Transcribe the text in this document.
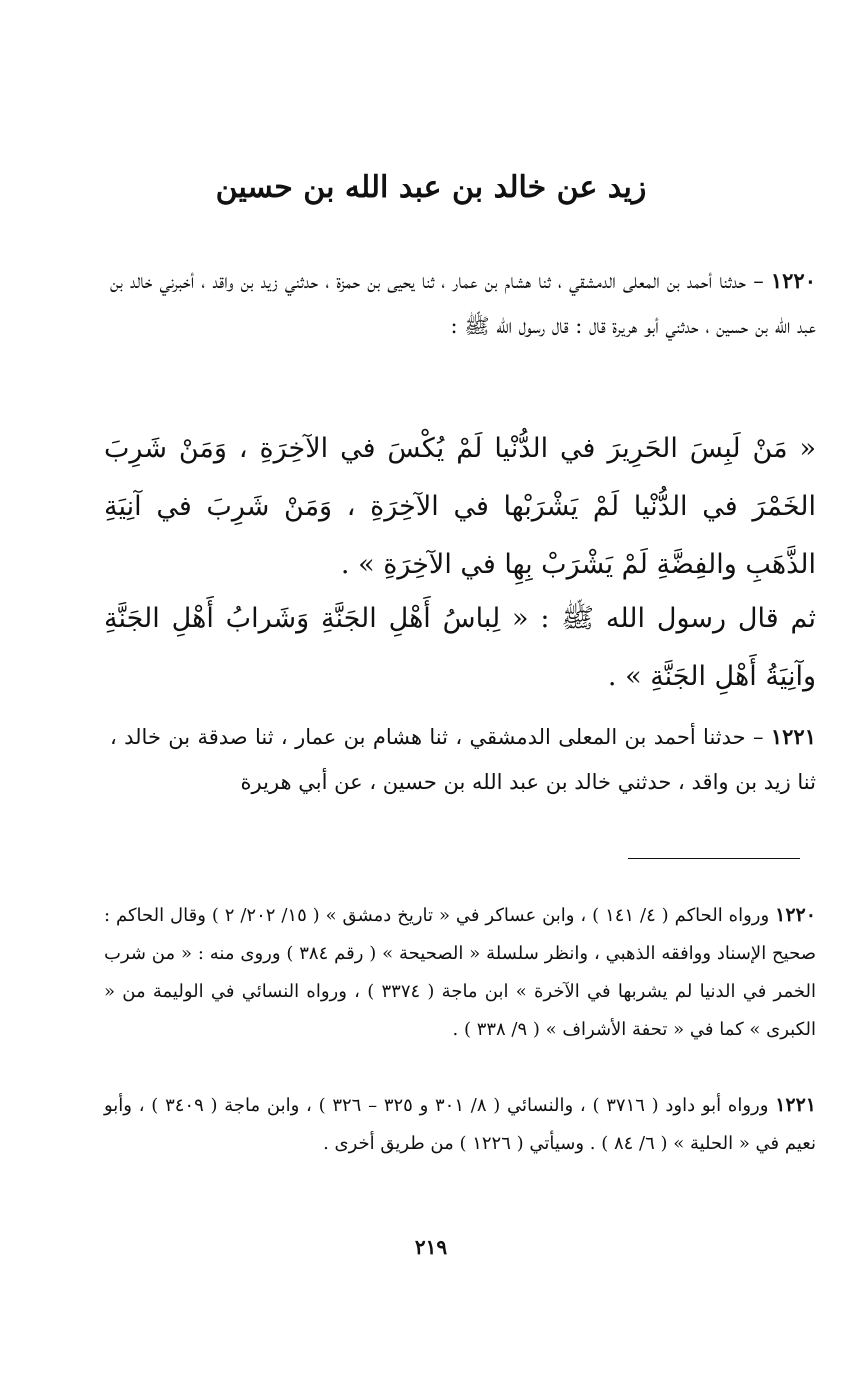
زيد عن خالد بن عبد الله بن حسين
١٢٢٠ – حدثنا أحمد بن المعلى الدمشقي ، ثنا هشام بن عمار ، ثنا يحيى بن حمزة ، حدثني زيد بن واقد ، أخبرني خالد بن عبد الله بن حسين ، حدثني أبو هريرة قال : قال رسول الله ﷺ :
« مَنْ لَبِسَ الحَرِيرَ في الدُّنْيا لَمْ يُكْسَ في الآخِرَةِ ، وَمَنْ شَرِبَ الخَمْرَ في الدُّنْيا لَمْ يَشْرَبْها في الآخِرَةِ ، وَمَنْ شَرِبَ في آنِيَةِ الذَّهَبِ والفِضَّةِ لَمْ يَشْرَبْ بِهِا في الآخِرَةِ » .
ثم قال رسول الله ﷺ : « لِباسُ أَهْلِ الجَنَّةِ وَشَرابُ أَهْلِ الجَنَّةِ وآنِيَةُ أَهْلِ الجَنَّةِ » .
١٢٢١ – حدثنا أحمد بن المعلى الدمشقي ، ثنا هشام بن عمار ، ثنا صدقة بن خالد ، ثنا زيد بن واقد ، حدثني خالد بن عبد الله بن حسين ، عن أبي هريرة
١٢٢٠ ورواه الحاكم ( ٤/ ١٤١ ) ، وابن عساكر في « تاريخ دمشق » ( ١٥/ ٢٠٢/ ٢ ) وقال الحاكم : صحيح الإسناد ووافقه الذهبي ، وانظر سلسلة « الصحيحة » ( رقم ٣٨٤ ) وروى منه : « من شرب الخمر في الدنيا لم يشربها في الآخرة » ابن ماجة ( ٣٣٧٤ ) ، ورواه النسائي في الوليمة من « الكبرى » كما في « تحفة الأشراف » ( ٩/ ٣٣٨ ) .
١٢٢١ ورواه أبو داود ( ٣٧١٦ ) ، والنسائي ( ٨/ ٣٠١ و ٣٢٥ – ٣٢٦ ) ، وابن ماجة ( ٣٤٠٩ ) ، وأبو نعيم في « الحلية » ( ٦/ ٨٤ ) . وسيأتي ( ١٢٢٦ ) من طريق أخرى .
٢١٩
